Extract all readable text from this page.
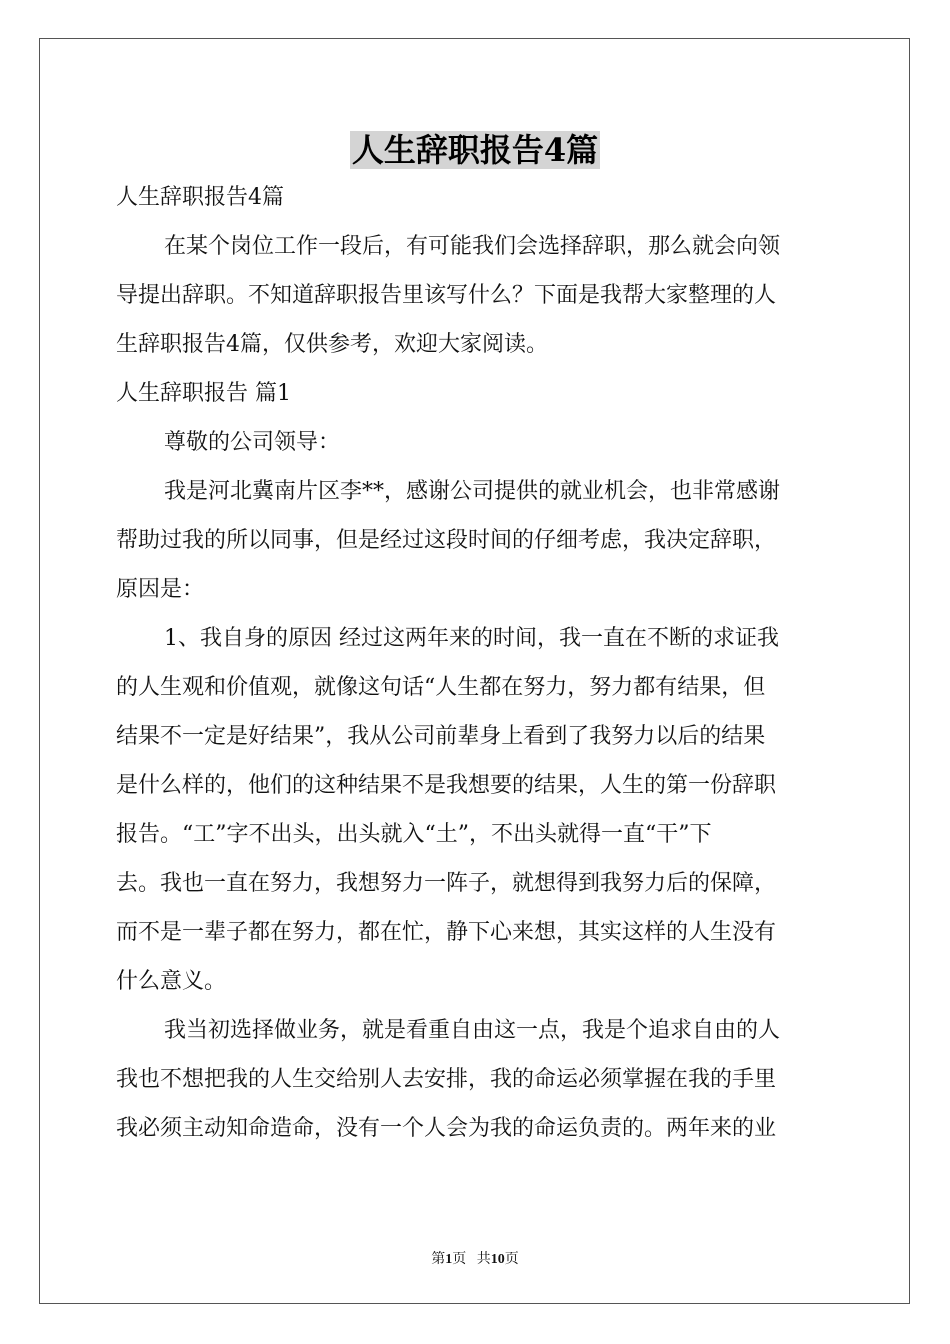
人生辞职报告4篇
人生辞职报告4篇
在某个岗位工作一段后，有可能我们会选择辞职，那么就会向领
导提出辞职。不知道辞职报告里该写什么？下面是我帮大家整理的人
生辞职报告4篇，仅供参考，欢迎大家阅读。
人生辞职报告 篇1
尊敬的公司领导：
我是河北冀南片区李**，感谢公司提供的就业机会，也非常感谢
帮助过我的所以同事，但是经过这段时间的仔细考虑，我决定辞职，
原因是：
1、我自身的原因 经过这两年来的时间，我一直在不断的求证我
的人生观和价值观，就像这句话“人生都在努力，努力都有结果，但
结果不一定是好结果”，我从公司前辈身上看到了我努力以后的结果
是什么样的，他们的这种结果不是我想要的结果，人生的第一份辞职
报告。“工”字不出头，出头就入“土”，不出头就得一直“干”下
去。我也一直在努力，我想努力一阵子，就想得到我努力后的保障，
而不是一辈子都在努力，都在忙，静下心来想，其实这样的人生没有
什么意义。
我当初选择做业务，就是看重自由这一点，我是个追求自由的人
我也不想把我的人生交给别人去安排，我的命运必须掌握在我的手里
我必须主动知命造命，没有一个人会为我的命运负责的。两年来的业
第1页 共10页
